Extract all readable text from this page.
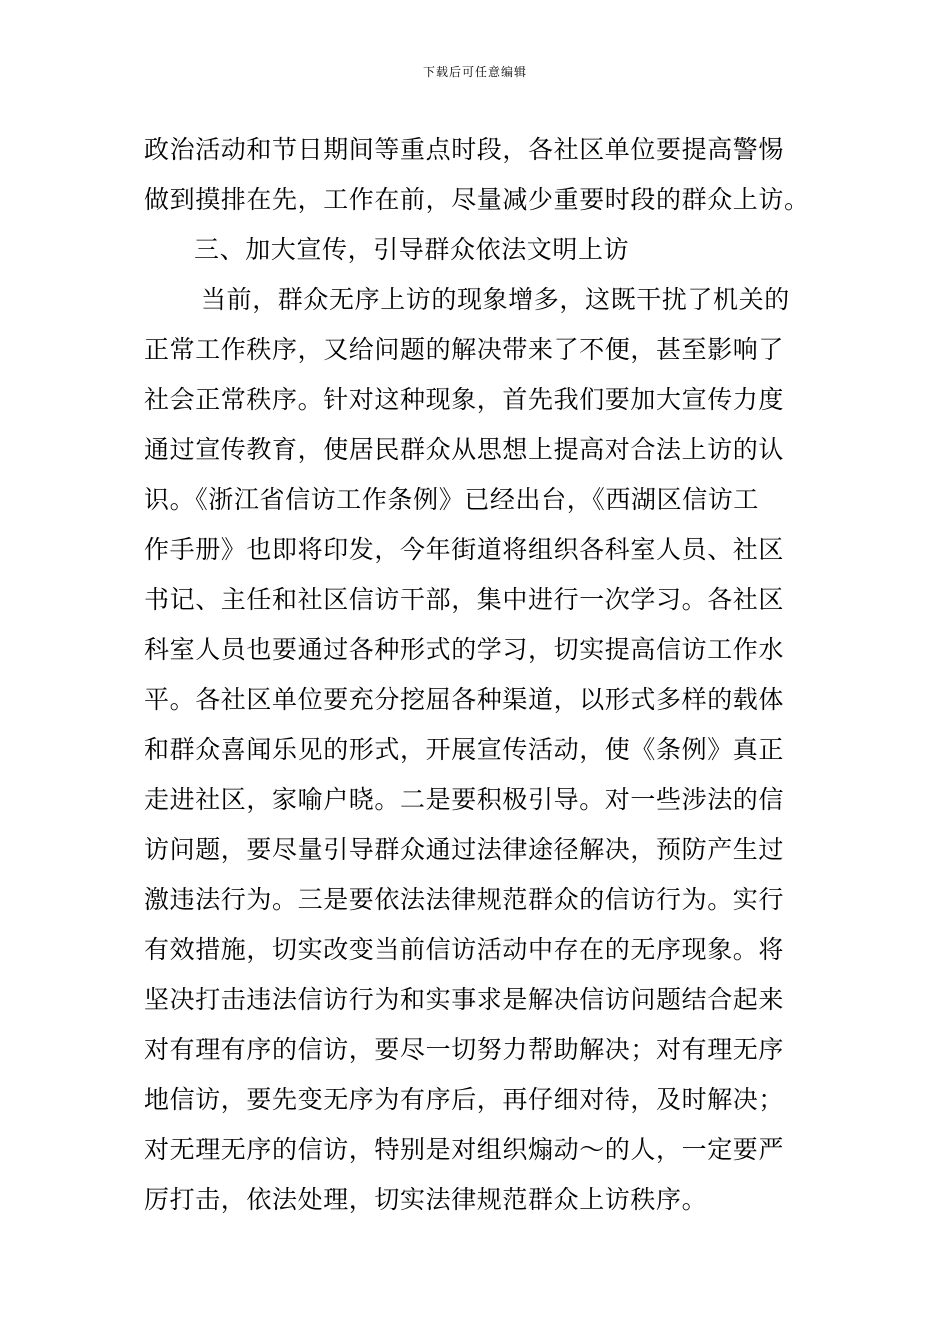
下载后可任意编辑
政治活动和节日期间等重点时段，各社区单位要提高警惕
做到摸排在先，工作在前，尽量减少重要时段的群众上访。
三、加大宣传，引导群众依法文明上访
当前，群众无序上访的现象增多，这既干扰了机关的
正常工作秩序，又给问题的解决带来了不便，甚至影响了
社会正常秩序。针对这种现象，首先我们要加大宣传力度
通过宣传教育，使居民群众从思想上提高对合法上访的认
识。《浙江省信访工作条例》已经出台，《西湖区信访工
作手册》也即将印发，今年街道将组织各科室人员、社区
书记、主任和社区信访干部，集中进行一次学习。各社区
科室人员也要通过各种形式的学习，切实提高信访工作水
平。各社区单位要充分挖屈各种渠道，以形式多样的载体
和群众喜闻乐见的形式，开展宣传活动，使《条例》真正
走进社区，家喻户晓。二是要积极引导。对一些涉法的信
访问题，要尽量引导群众通过法律途径解决，预防产生过
激违法行为。三是要依法法律规范群众的信访行为。实行
有效措施，切实改变当前信访活动中存在的无序现象。将
坚决打击违法信访行为和实事求是解决信访问题结合起来
对有理有序的信访，要尽一切努力帮助解决；对有理无序
地信访，要先变无序为有序后，再仔细对待，及时解决；
对无理无序的信访，特别是对组织煽动～的人，一定要严
厉打击，依法处理，切实法律规范群众上访秩序。
